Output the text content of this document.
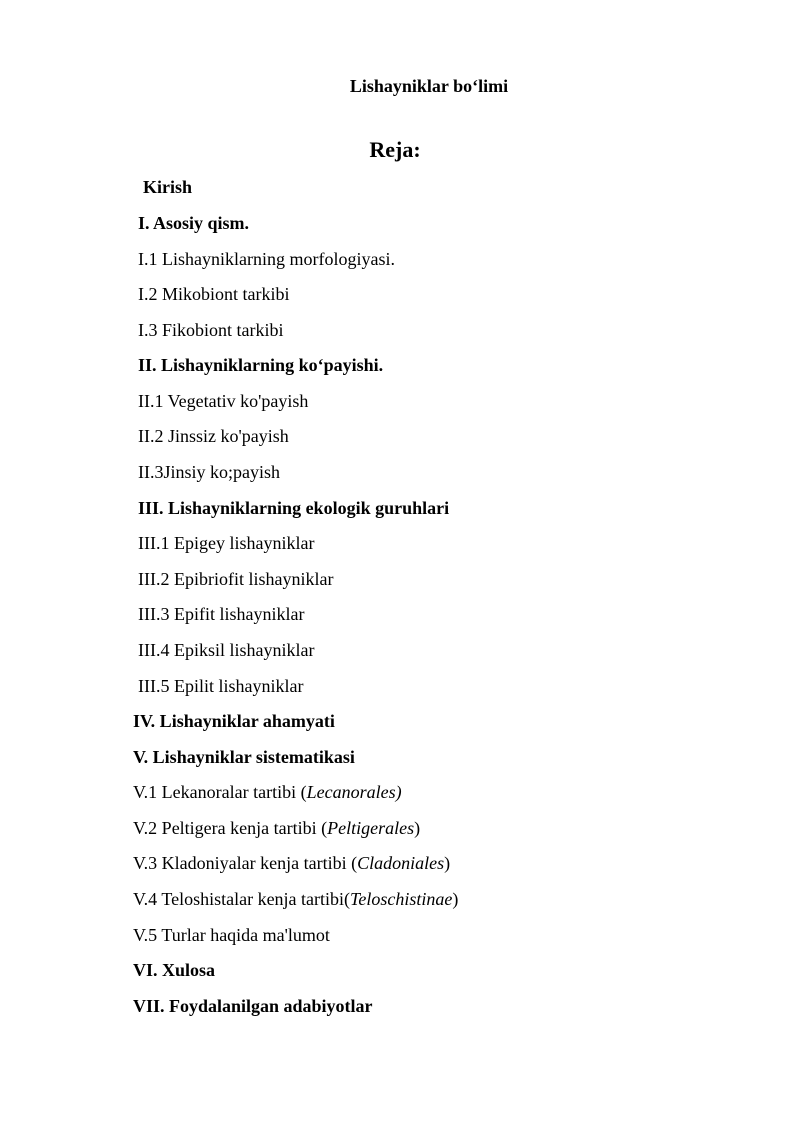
Lishayniklar bo‘limi
Reja:
Kirish
I. Asosiy qism.
I.1 Lishayniklarning morfologiyasi.
I.2 Mikobiont tarkibi
I.3 Fikobiont tarkibi
II. Lishayniklarning ko‘payishi.
II.1 Vegetativ ko'payish
II.2 Jinssiz ko'payish
II.3Jinsiy ko;payish
III. Lishayniklarning ekologik guruhlari
III.1 Epigey lishayniklar
III.2 Epibriofit lishayniklar
III.3 Epifit lishayniklar
III.4 Epiksil lishayniklar
III.5 Epilit lishayniklar
IV. Lishayniklar ahamyati
V. Lishayniklar sistematikasi
V.1 Lekanoralar tartibi (Lecanorales)
V.2 Peltigera kenja tartibi (Peltigerales)
V.3 Kladoniyalar kenja tartibi (Cladoniales)
V.4 Teloshistalar kenja tartibi(Teloschistinae)
V.5 Turlar haqida ma'lumot
VI. Xulosa
VII. Foydalanilgan adabiyotlar
